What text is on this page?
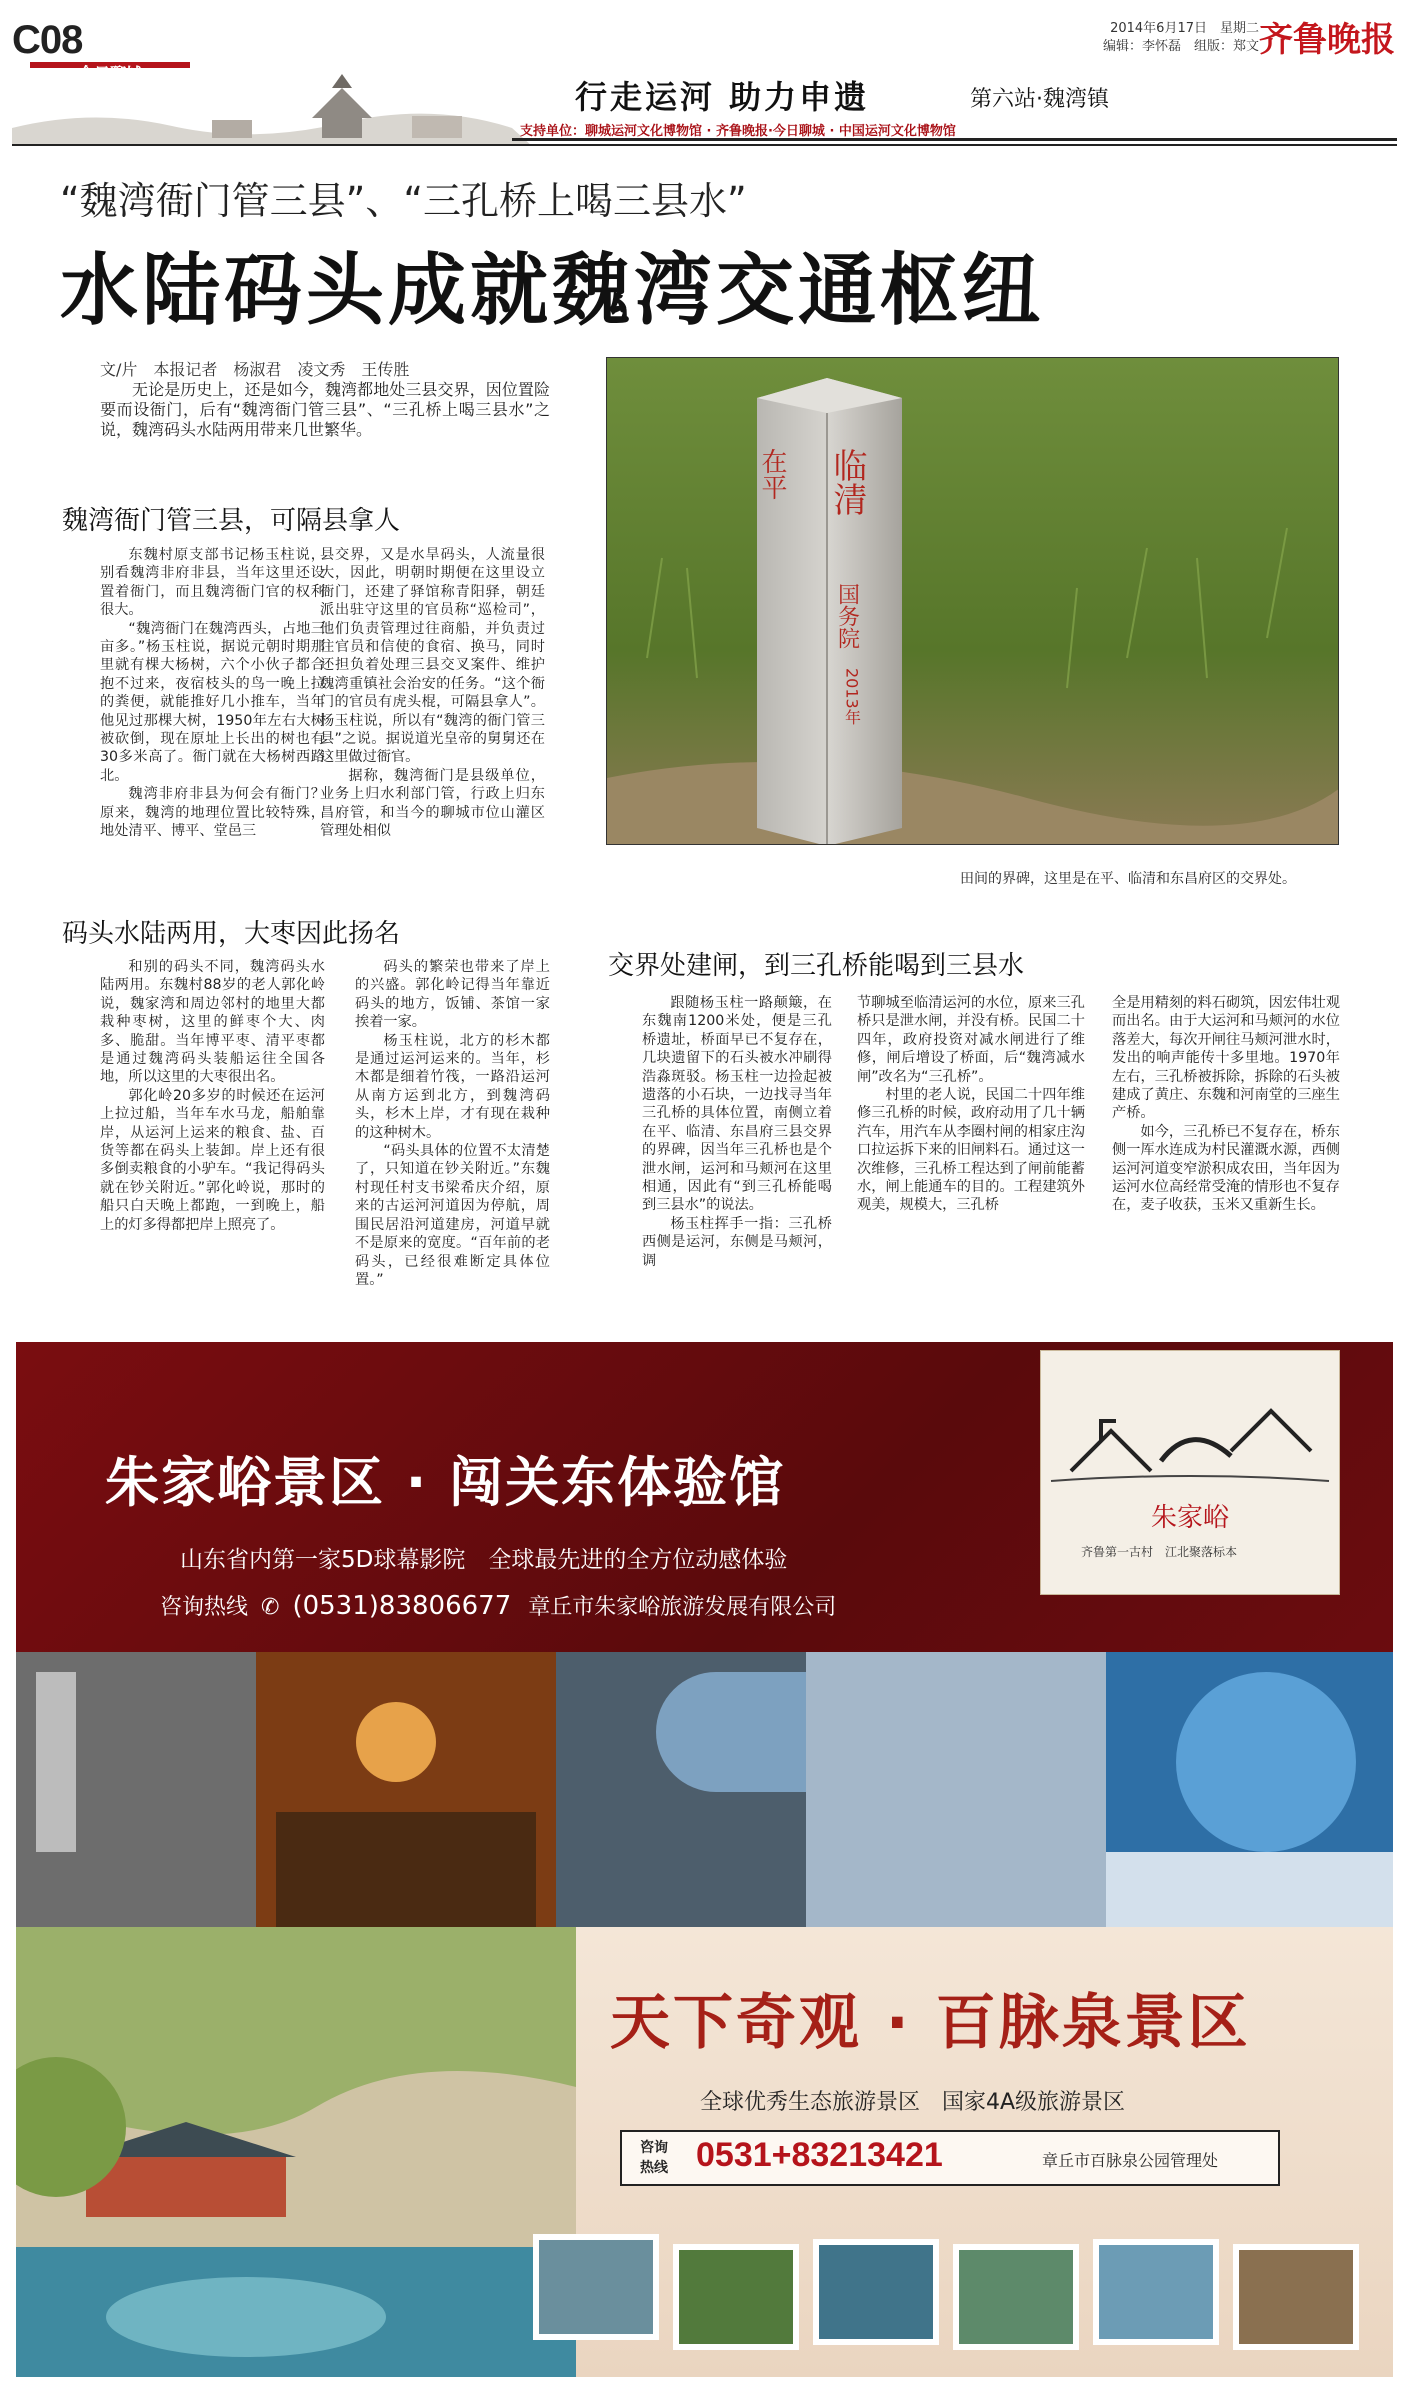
C08	2014年6月17日　星期二
编辑：李怀磊　组版：郑文 齐鲁晚报
行走运河 助力申遗	第六站·魏湾镇
支持单位：聊城运河文化博物馆 · 齐鲁晚报·今日聊城 · 中国运河文化博物馆
“魏湾衙门管三县”、“三孔桥上喝三县水”
水陆码头成就魏湾交通枢纽
文/片　本报记者　杨淑君　凌文秀　王传胜

无论是历史上，还是如今，魏湾都地处三县交界，因位置险要而设衙门，后有“魏湾衙门管三县”、“三孔桥上喝三县水”之说，魏湾码头水陆两用带来几世繁华。

魏湾衙门管三县，可隔县拿人

东魏村原支部书记杨玉柱说，别看魏湾非府非县，当年这里还设置着衙门，而且魏湾衙门官的权利很大。

“魏湾衙门在魏湾西头，占地三亩多。”杨玉柱说，据说元朝时期那里就有棵大杨树，六个小伙子都合抱不过来，夜宿枝头的鸟一晚上拉的粪便，就能推好几小推车，当年他见过那棵大树，1950年左右大树被砍倒，现在原址上长出的树也有30多米高了。衙门就在大杨树西路北。

魏湾非府非县为何会有衙门？原来，魏湾的地理位置比较特殊，地处清平、博平、堂邑三

县交界，又是水旱码头，人流量很大，因此，明朝时期便在这里设立衙门，还建了驿馆称青阳驿，朝廷派出驻守这里的官员称“巡检司”，他们负责管理过往商船，并负责过往官员和信使的食宿、换马，同时还担负着处理三县交叉案件、维护魏湾重镇社会治安的任务。“这个衙门的官员有虎头棍，可隔县拿人”。杨玉柱说，所以有“魏湾的衙门管三县”之说。据说道光皇帝的舅舅还在这里做过衙官。

据称，魏湾衙门是县级单位，业务上归水利部门管，行政上归东昌府管，和当今的聊城市位山灌区管理处相似

在平 临清
国务院
2013年
田间的界碑，这里是在平、临清和东昌府区的交界处。
码头水陆两用，大枣因此扬名

和别的码头不同，魏湾码头水陆两用。东魏村88岁的老人郭化岭说，魏家湾和周边邻村的地里大都栽种枣树，这里的鲜枣个大、肉多、脆甜。当年博平枣、清平枣都是通过魏湾码头装船运往全国各地，所以这里的大枣很出名。

郭化岭20多岁的时候还在运河上拉过船，当年车水马龙，船舶靠岸，从运河上运来的粮食、盐、百货等都在码头上装卸。岸上还有很多倒卖粮食的小驴车。“我记得码头就在钞关附近。”郭化岭说，那时的船只白天晚上都跑，一到晚上，船上的灯多得都把岸上照亮了。

码头的繁荣也带来了岸上的兴盛。郭化岭记得当年靠近码头的地方，饭铺、茶馆一家挨着一家。

杨玉柱说，北方的杉木都是通过运河运来的。当年，杉木都是细着竹筏，一路沿运河从南方运到北方，到魏湾码头，杉木上岸，才有现在栽种的这种树木。

“码头具体的位置不太清楚了，只知道在钞关附近。”东魏村现任村支书梁希庆介绍，原来的古运河河道因为停航，周围民居沿河道建房，河道早就不是原来的宽度。“百年前的老码头，已经很难断定具体位置。”

交界处建闸，到三孔桥能喝到三县水

跟随杨玉柱一路颠簸，在东魏南1200米处，便是三孔桥遗址，桥面早已不复存在，几块遗留下的石头被水冲刷得浩淼斑驳。杨玉柱一边捡起被遗落的小石块，一边找寻当年三孔桥的具体位置，南侧立着在平、临清、东昌府三县交界的界碑，因当年三孔桥也是个泄水闸，运河和马颊河在这里相通，因此有“到三孔桥能喝到三县水”的说法。

杨玉柱挥手一指：三孔桥西侧是运河，东侧是马颊河，调

节聊城至临清运河的水位，原来三孔桥只是泄水闸，并没有桥。民国二十四年，政府投资对减水闸进行了维修，闸后增设了桥面，后“魏湾减水闸”改名为“三孔桥”。

村里的老人说，民国二十四年维修三孔桥的时候，政府动用了几十辆汽车，用汽车从李圈村闸的相家庄沟口拉运拆下来的旧闸料石。通过这一次维修，三孔桥工程达到了闸前能蓄水，闸上能通车的目的。工程建筑外观美，规模大，三孔桥

全是用精刻的料石砌筑，因宏伟壮观而出名。由于大运河和马颊河的水位落差大，每次开闸往马颊河泄水时，发出的响声能传十多里地。1970年左右，三孔桥被拆除，拆除的石头被建成了黄庄、东魏和河南堂的三座生产桥。

如今，三孔桥已不复存在，桥东侧一厍水连成为村民灌溉水源，西侧运河河道变窄淤积成农田，当年因为运河水位高经常受淹的情形也不复存在，麦子收获，玉米又重新生长。

朱家峪景区 · 闯关东体验馆
山东省内第一家5D球幕影院　全球最先进的全方位动感体验
咨询热线 ✆ (0531)83806677 章丘市朱家峪旅游发展有限公司
朱家峪
齐鲁第一古村　江北聚落标本
天下奇观 · 百脉泉景区
全球优秀生态旅游景区　国家4A级旅游景区
咨询热线 0531+83213421	章丘市百脉泉公园管理处
